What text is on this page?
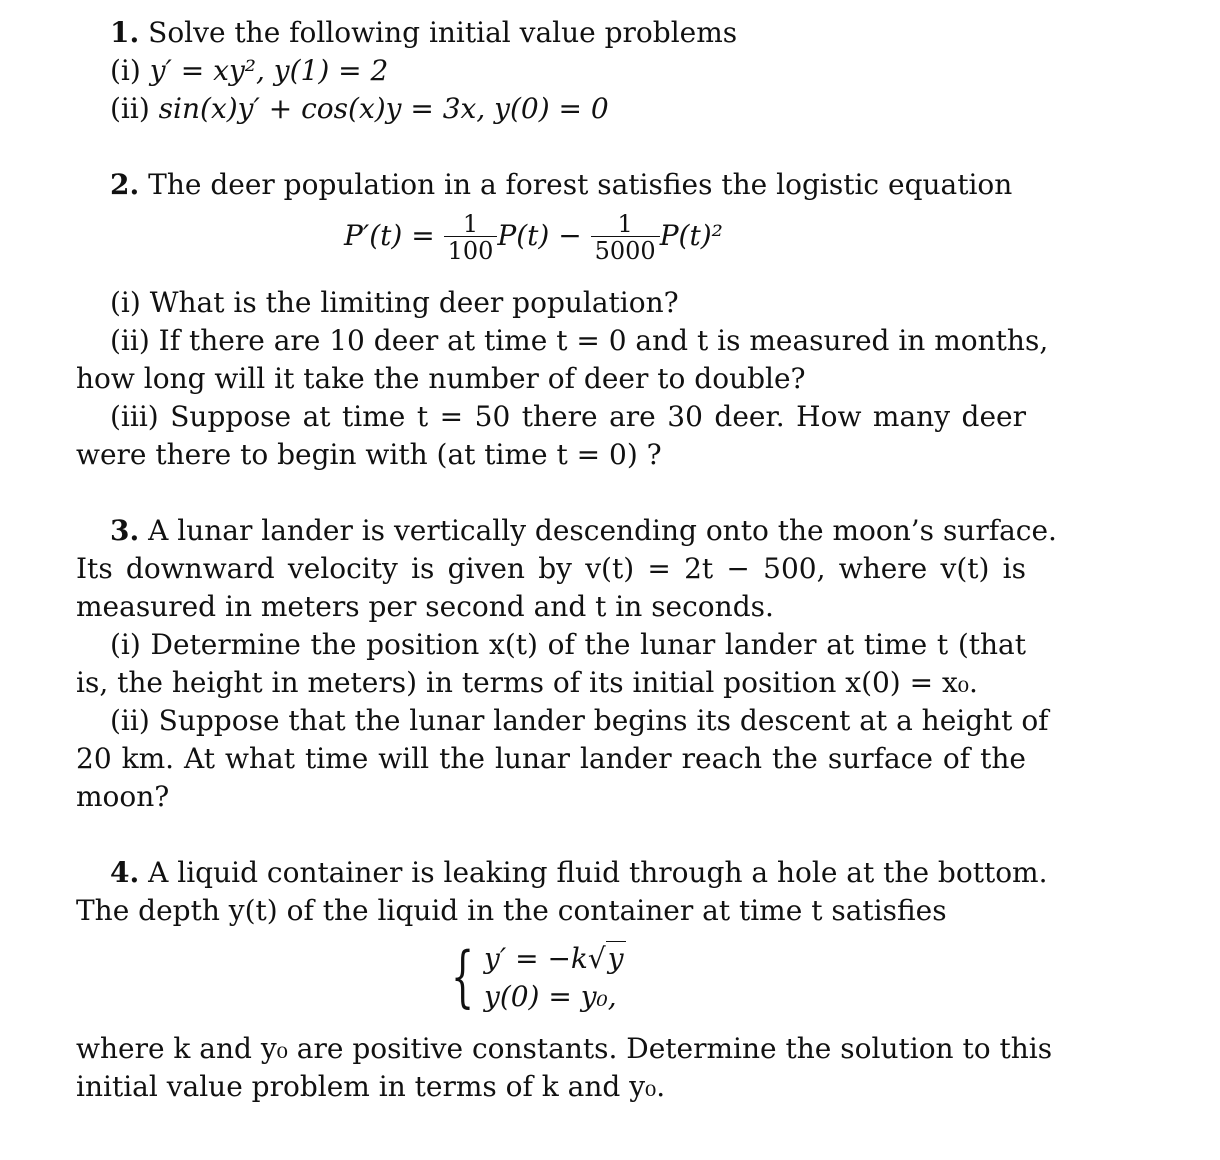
1. Solve the following initial value problems
(i) y′ = xy², y(1) = 2
(ii) sin(x)y′ + cos(x)y = 3x, y(0) = 0
2. The deer population in a forest satisfies the logistic equation
$P'(t) = \frac{1}{100} P(t) - \frac{1}{5000} P(t)^2$
(i) What is the limiting deer population?
(ii) If there are 10 deer at time t = 0 and t is measured in months,
how long will it take the number of deer to double?
(iii) Suppose at time t = 50 there are 30 deer. How many deer
were there to begin with (at time t = 0) ?
3. A lunar lander is vertically descending onto the moon’s surface.
Its downward velocity is given by v(t) = 2t − 500, where v(t) is
measured in meters per second and t in seconds.
(i) Determine the position x(t) of the lunar lander at time t (that
is, the height in meters) in terms of its initial position x(0) = x₀.
(ii) Suppose that the lunar lander begins its descent at a height of
20 km. At what time will the lunar lander reach the surface of the
moon?
4. A liquid container is leaking fluid through a hole at the bottom.
The depth y(t) of the liquid in the container at time t satisfies
{ y′ = −k√y
y(0) = y₀,
where k and y₀ are positive constants. Determine the solution to this
initial value problem in terms of k and y₀.
